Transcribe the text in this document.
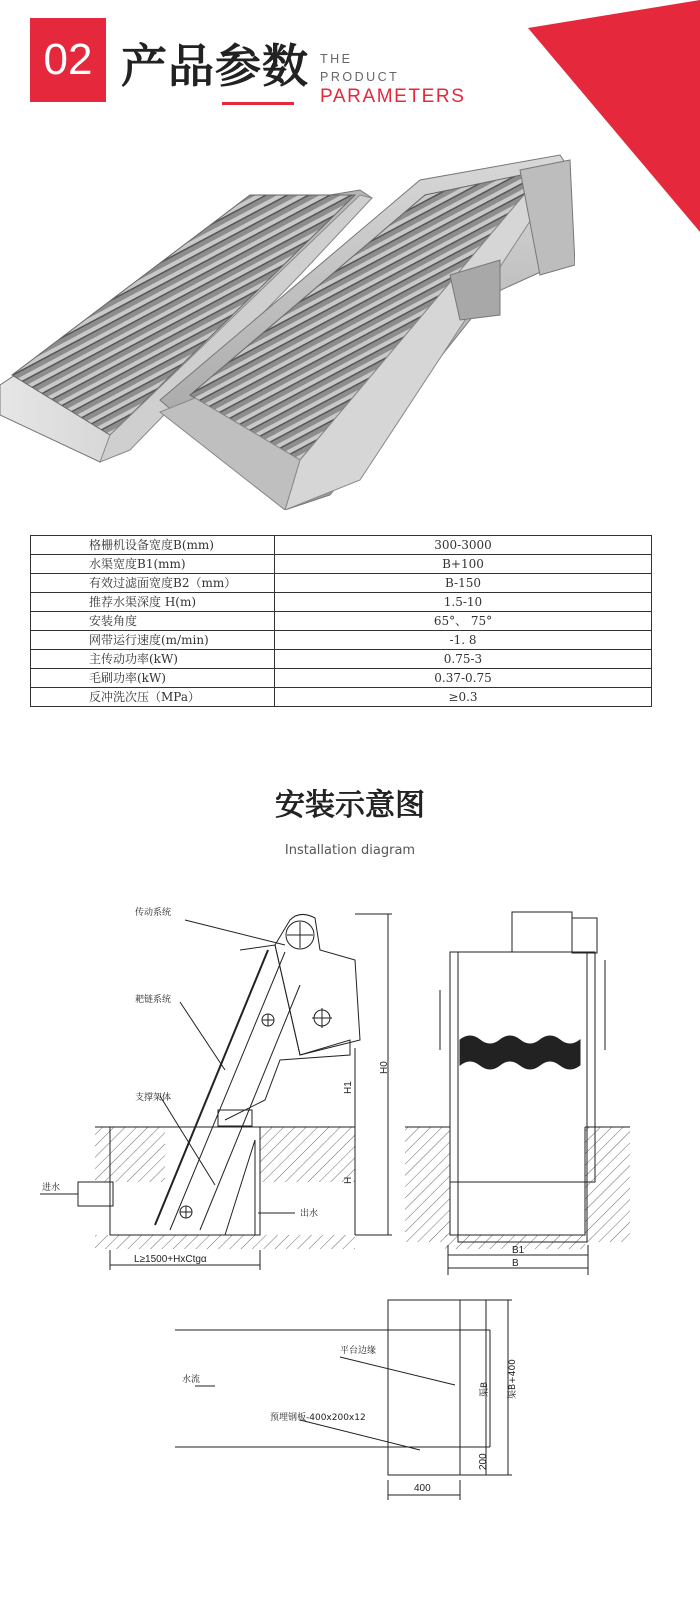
02 产品参数 THE
PRODUCT
PARAMETERS
格栅机设备宽度B(mm)	300-3000
水渠宽度B1(mm)	B+100
有效过滤面宽度B2（mm）	B-150
推荐水渠深度 H(m)	1.5-10
安装角度	65°、 75°
网带运行速度(m/min)	-1. 8
主传动功率(kW)	0.75-3
毛刷功率(kW)	0.37-0.75
反冲洗次压（MPa）	≥0.3
安装示意图
Installation diagram
传动系统
耙链系统
支撑架体
进水
出水
L≥1500+HxCtgα
H1
H0
H
B1
B
平台边缘
水流
预埋钢板-400x200x12
渠B 渠B+400
200
400
